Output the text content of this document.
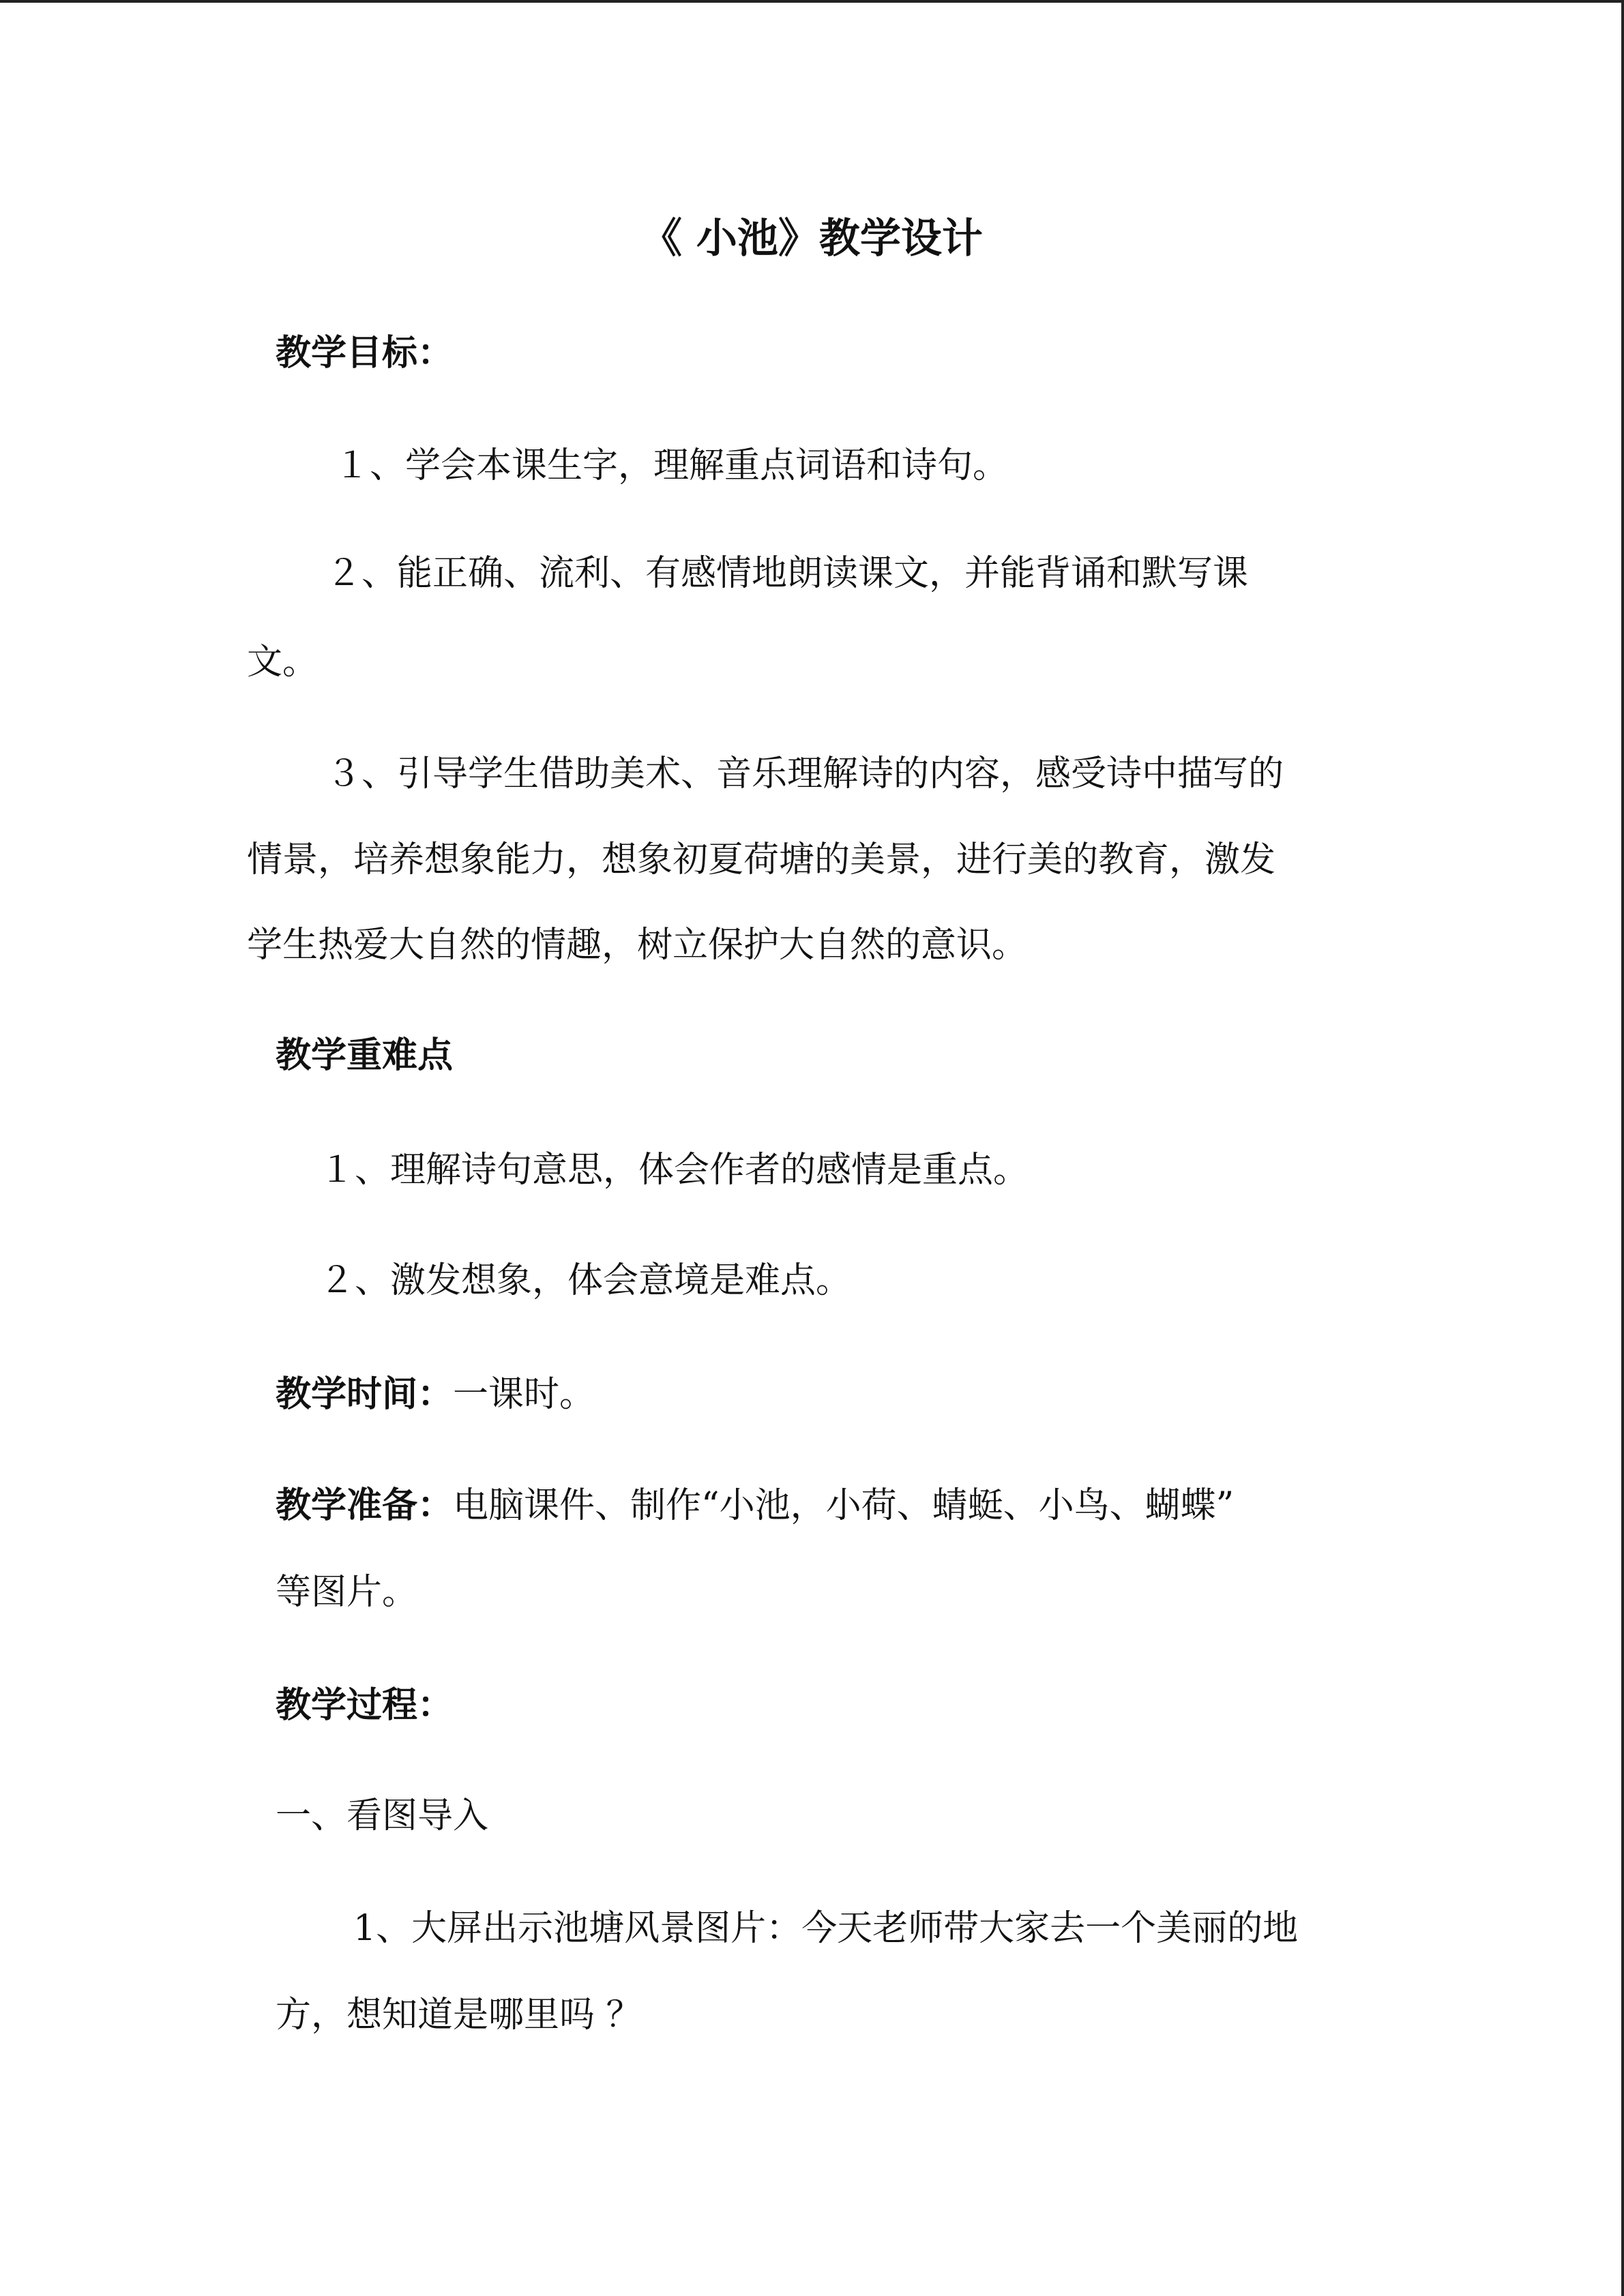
《 小池》教学设计

教学目标：

１、学会本课生字，理解重点词语和诗句。

２、能正确、流利、有感情地朗读课文，并能背诵和默写课

文。

３、引导学生借助美术、音乐理解诗的内容，感受诗中描写的

情景，培养想象能力，想象初夏荷塘的美景，进行美的教育，激发

学生热爱大自然的情趣，树立保护大自然的意识。

教学重难点

１、理解诗句意思，体会作者的感情是重点。

２、激发想象，体会意境是难点。

教学时间：一课时。

教学准备：电脑课件、制作“小池，小荷、蜻蜓、小鸟、蝴蝶”

等图片。

教学过程：

一、看图导入

1、大屏出示池塘风景图片：今天老师带大家去一个美丽的地

方，想知道是哪里吗 ？
